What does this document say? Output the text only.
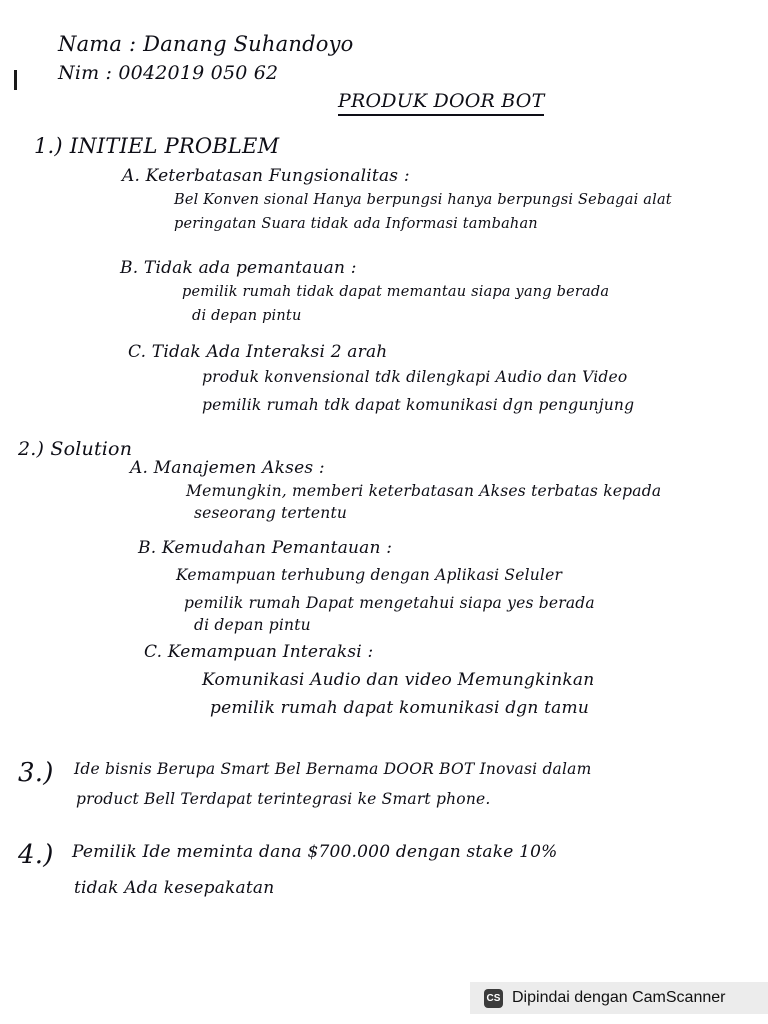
Nama : Danang Suhandoyo
Nim : 0042019 050 62
PRODUK DOOR BOT
1.) INITIEL PROBLEM
A. Keterbatasan Fungsionalitas :
Bel Konven sional Hanya berpungsi hanya berpungsi Sebagai alat
peringatan Suara tidak ada Informasi tambahan
B. Tidak ada pemantauan :
pemilik rumah tidak dapat memantau siapa yang berada
di depan pintu
C. Tidak Ada Interaksi 2 arah
produk konvensional tdk dilengkapi Audio dan Video
pemilik rumah tdk dapat komunikasi dgn pengunjung
2.) Solution
A. Manajemen Akses :
Memungkin, memberi keterbatasan Akses terbatas kepada
seseorang tertentu
B. Kemudahan Pemantauan :
Kemampuan terhubung dengan Aplikasi Seluler
pemilik rumah Dapat mengetahui siapa yes berada
di depan pintu
C. Kemampuan Interaksi :
Komunikasi Audio dan video Memungkinkan
pemilik rumah dapat komunikasi dgn tamu
3.) Ide bisnis Berupa Smart Bel Bernama DOOR BOT Inovasi dalam
product Bell Terdapat terintegrasi ke Smart phone.
4.) Pemilik Ide meminta dana $700.000 dengan stake 10%
tidak Ada kesepakatan
CS Dipindai dengan CamScanner
